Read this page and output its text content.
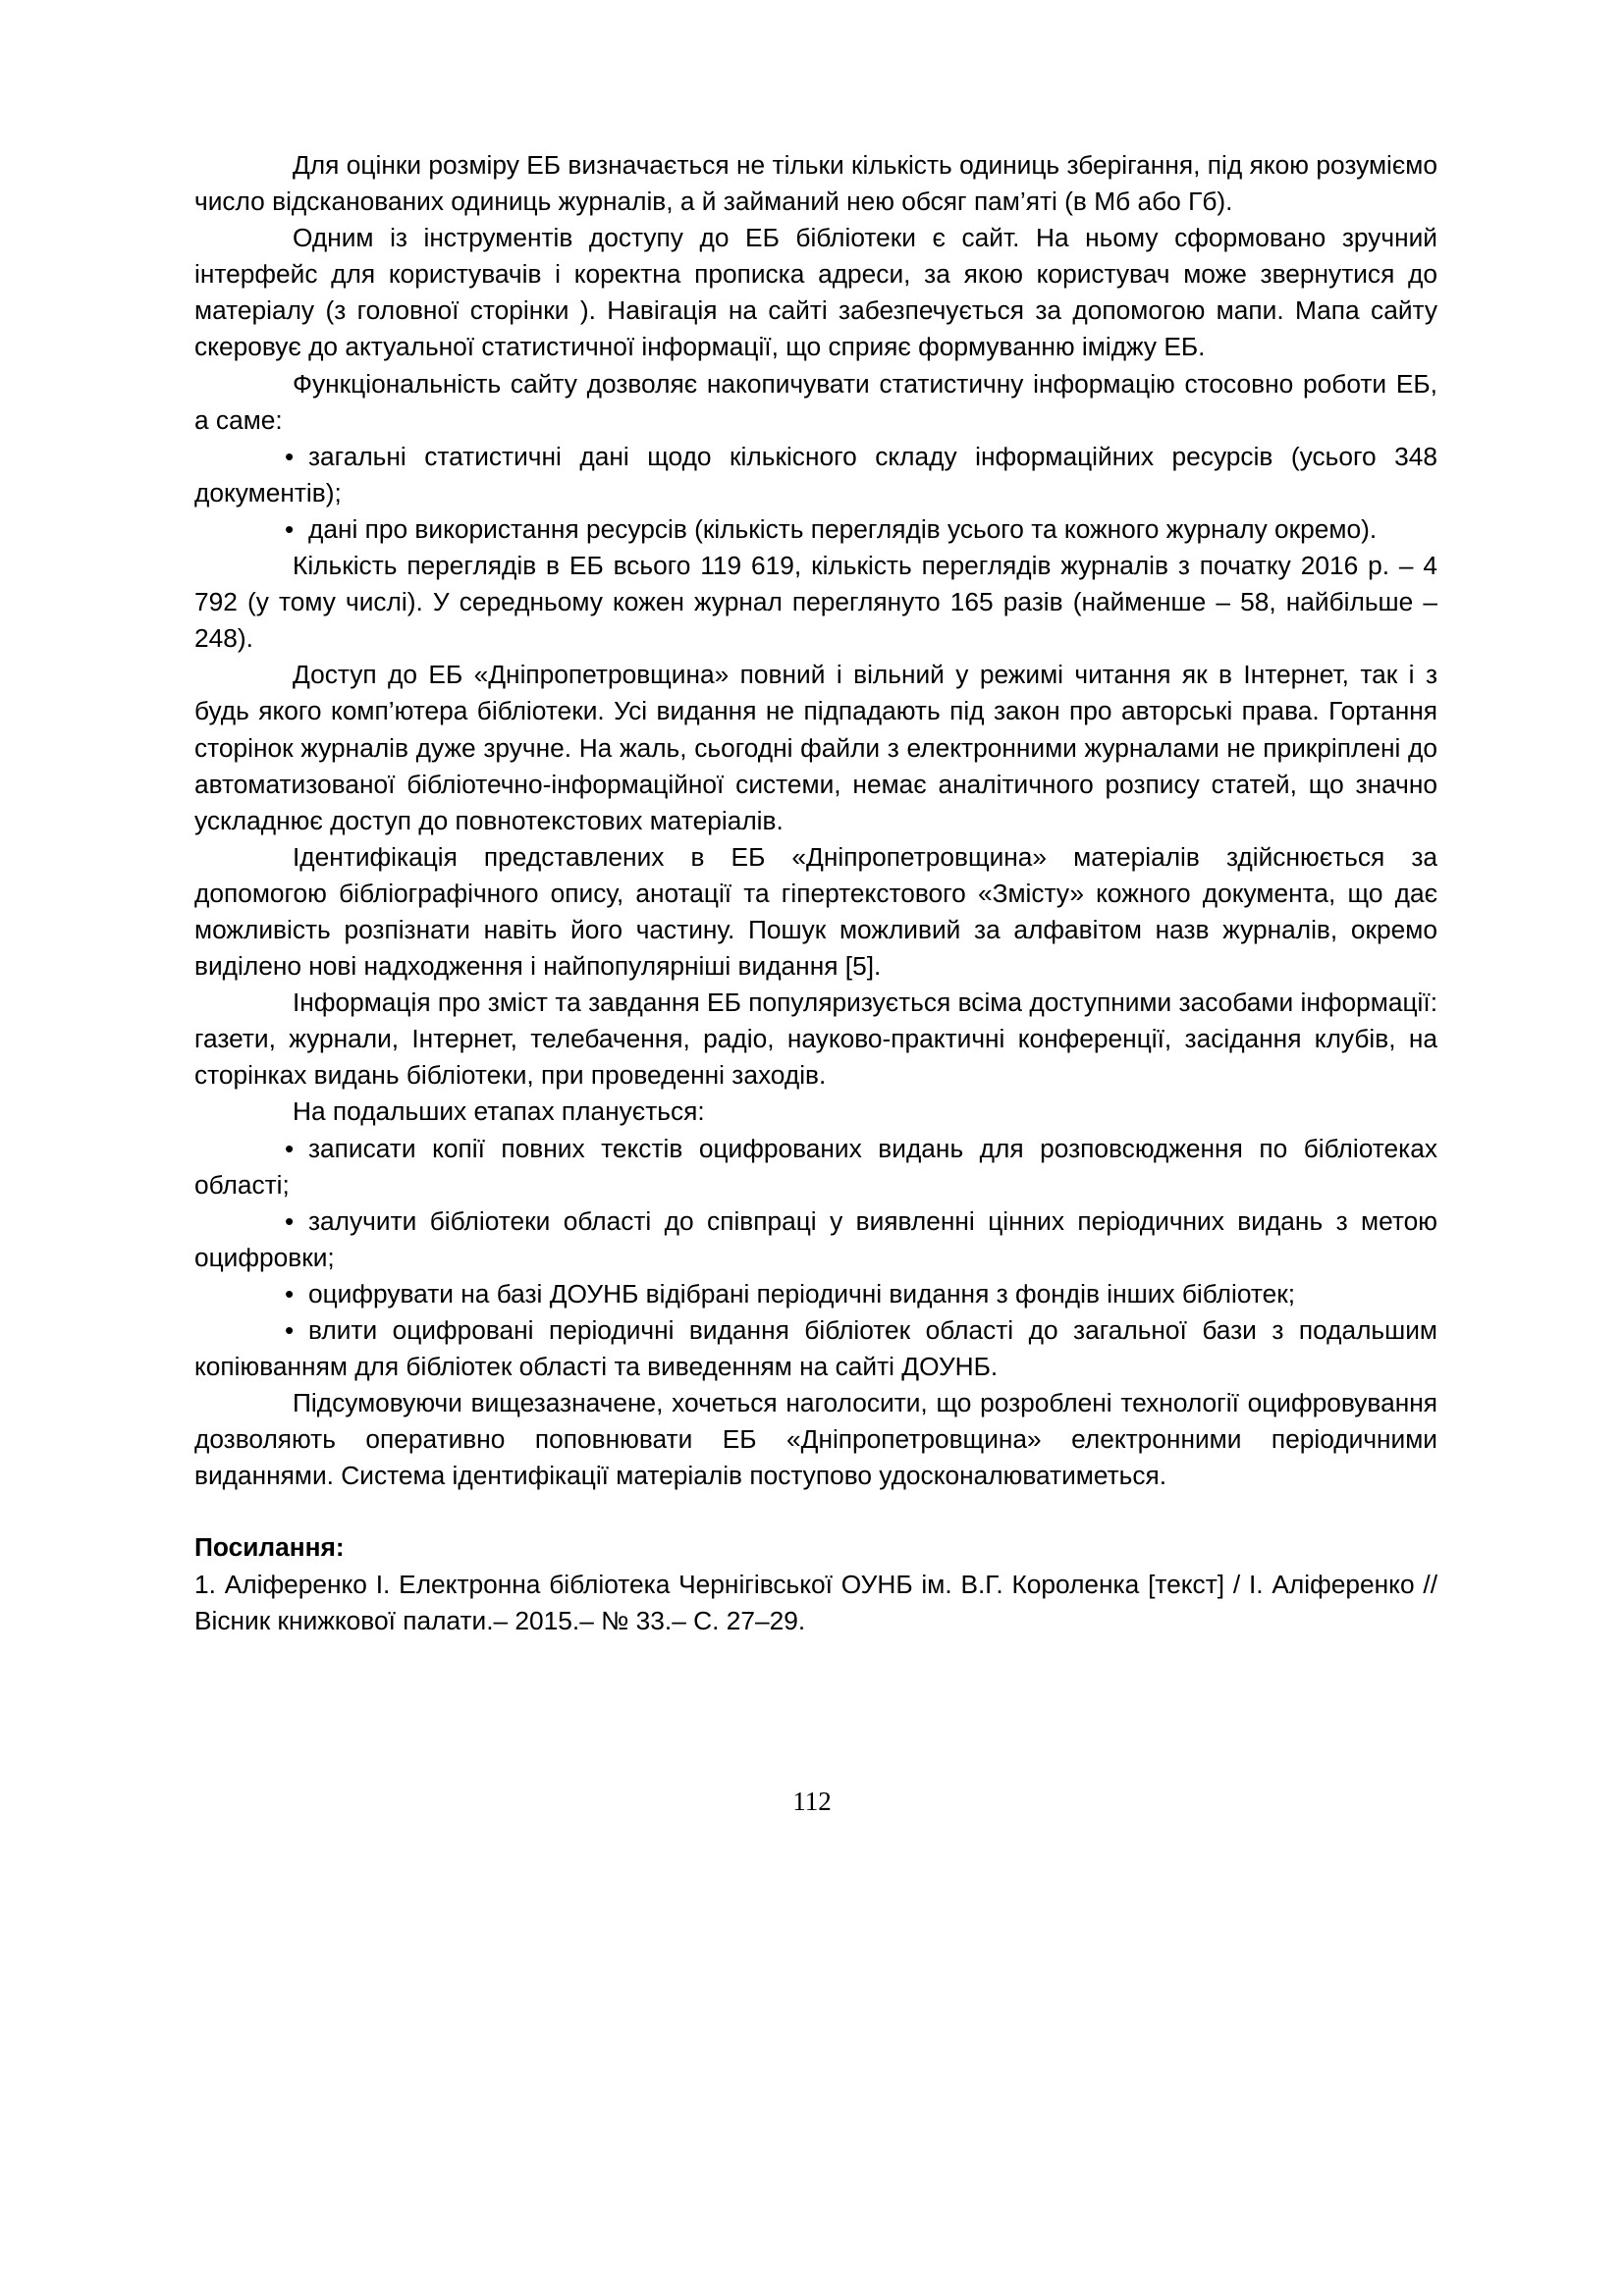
Для оцінки розміру ЕБ визначається не тільки кількість одиниць зберігання, під якою розуміємо число відсканованих одиниць журналів, а й займаний нею обсяг пам’яті (в Мб або Гб).

Одним із інструментів доступу до ЕБ бібліотеки є сайт. На ньому сформовано зручний інтерфейс для користувачів і коректна прописка адреси, за якою користувач може звернутися до матеріалу (з головної сторінки ). Навігація на сайті забезпечується за допомогою мапи. Мапа сайту скеровує до актуальної статистичної інформації, що сприяє формуванню іміджу ЕБ.

Функціональність сайту дозволяє накопичувати статистичну інформацію стосовно роботи ЕБ, а саме:

• загальні статистичні дані щодо кількісного складу інформаційних ресурсів (усього 348 документів);

• дані про використання ресурсів (кількість переглядів усього та кожного журналу окремо).

Кількість переглядів в ЕБ всього 119 619, кількість переглядів журналів з початку 2016 р. – 4 792 (у тому числі). У середньому кожен журнал переглянуто 165 разів (найменше – 58, найбільше – 248).

Доступ до ЕБ «Дніпропетровщина» повний і вільний у режимі читання як в Інтернет, так і з будь якого комп’ютера бібліотеки. Усі видання не підпадають під закон про авторські права. Гортання сторінок журналів дуже зручне. На жаль, сьогодні файли з електронними журналами не прикріплені до автоматизованої бібліотечно-інформаційної системи, немає аналітичного розпису статей, що значно ускладнює доступ до повнотекстових матеріалів.

Ідентифікація представлених в ЕБ «Дніпропетровщина» матеріалів здійснюється за допомогою бібліографічного опису, анотації та гіпертекстового «Змісту» кожного документа, що дає можливість розпізнати навіть його частину. Пошук можливий за алфавітом назв журналів, окремо виділено нові надходження і найпопулярніші видання [5].

Інформація про зміст та завдання ЕБ популяризується всіма доступними засобами інформації: газети, журнали, Інтернет, телебачення, радіо, науково-практичні конференції, засідання клубів, на сторінках видань бібліотеки, при проведенні заходів.

На подальших етапах планується:

• записати копії повних текстів оцифрованих видань для розповсюдження по бібліотеках області;

• залучити бібліотеки області до співпраці у виявленні цінних періодичних видань з метою оцифровки;

• оцифрувати на базі ДОУНБ відібрані періодичні видання з фондів інших бібліотек;

• влити оцифровані періодичні видання бібліотек області до загальної бази з подальшим копіюванням для бібліотек області та виведенням на сайті ДОУНБ.

Підсумовуючи вищезазначене, хочеться наголосити, що розроблені технології оцифровування дозволяють оперативно поповнювати ЕБ «Дніпропетровщина» електронними періодичними виданнями. Система ідентифікації матеріалів поступово удосконалюватиметься.

Посилання:

1. Аліференко І. Електронна бібліотека Чернігівської ОУНБ ім. В.Г. Короленка [текст] / І. Аліференко // Вісник книжкової палати.– 2015.– № 33.– С. 27–29.

112
